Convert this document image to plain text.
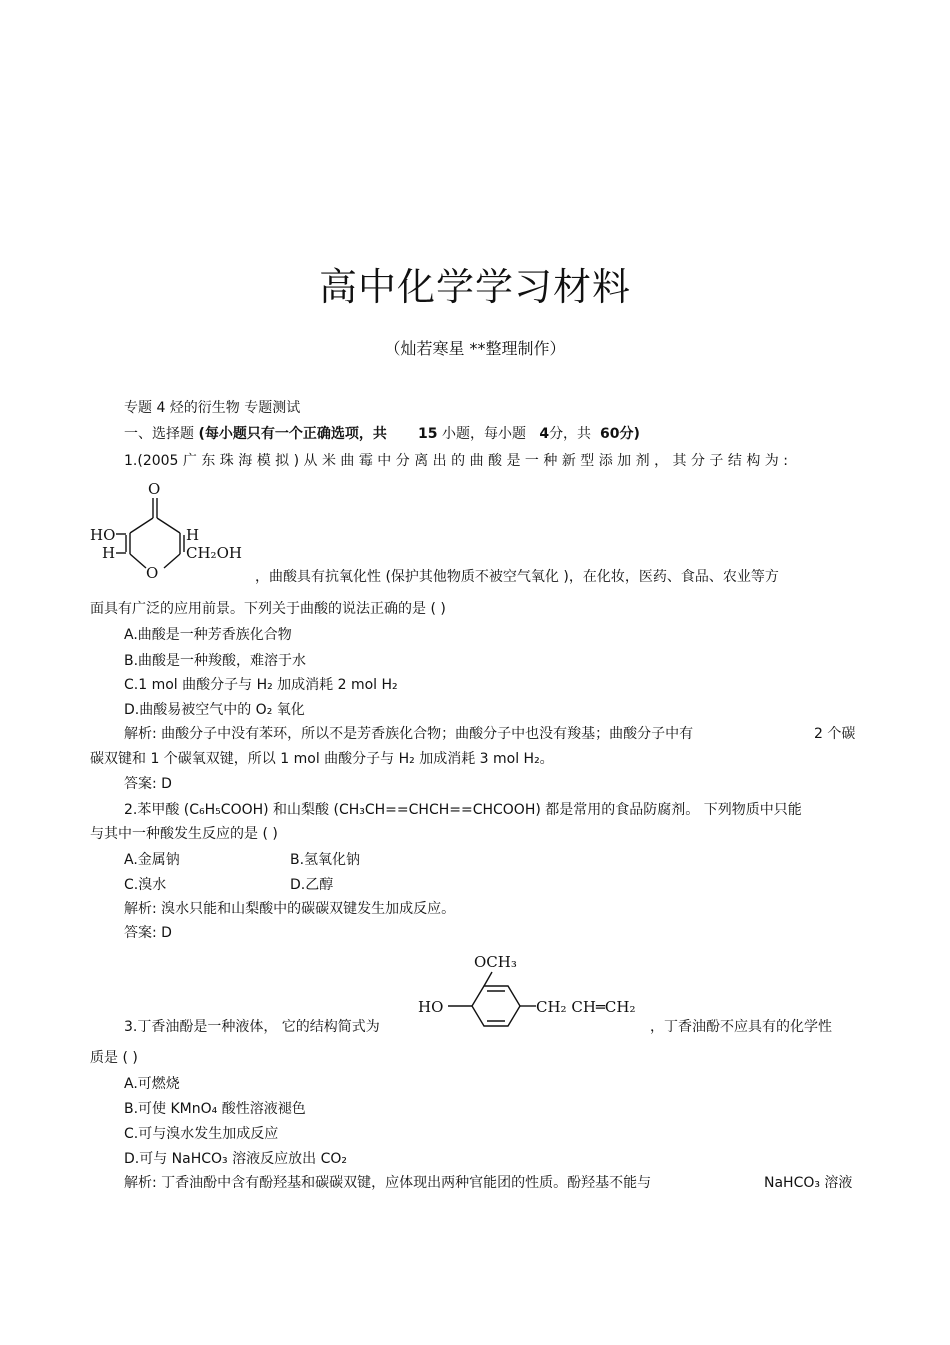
高中化学学习材料
（灿若寒星 **整理制作）
专题 4 烃的衍生物 专题测试
一、选择题 (每小题只有一个正确选项，共 15 小题，每小题 4分，共 60分)
1.(2005 广 东 珠 海 模 拟 ) 从 米 曲 霉 中 分 离 出 的 曲 酸 是 一 种 新 型 添 加 剂 ， 其 分 子 结 构 为 :
O
HO
H
H
O
CH₂OH
，曲酸具有抗氧化性 (保护其他物质不被空气氧化 )，在化妆，医药、食品、农业等方
面具有广泛的应用前景。下列关于曲酸的说法正确的是 ( )
A.曲酸是一种芳香族化合物
B.曲酸是一种羧酸，难溶于水
C.1 mol 曲酸分子与 H₂ 加成消耗 2 mol H₂
D.曲酸易被空气中的 O₂ 氧化
解析: 曲酸分子中没有苯环，所以不是芳香族化合物；曲酸分子中也没有羧基；曲酸分子中有	2 个碳
碳双键和 1 个碳氧双键，所以 1 mol 曲酸分子与 H₂ 加成消耗 3 mol H₂。
答案: D
2.苯甲酸 (C₆H₅COOH) 和山梨酸 (CH₃CH==CHCH==CHCOOH) 都是常用的食品防腐剂。 下列物质中只能
与其中一种酸发生反应的是 ( )
A.金属钠	B.氢氧化钠
C.溴水	D.乙醇
解析: 溴水只能和山梨酸中的碳碳双键发生加成反应。
答案: D
OCH₃
HO	CH₂ CH═CH₂
3.丁香油酚是一种液体， 它的结构简式为	，丁香油酚不应具有的化学性
质是 ( )
A.可燃烧
B.可使 KMnO₄ 酸性溶液褪色
C.可与溴水发生加成反应
D.可与 NaHCO₃ 溶液反应放出 CO₂
解析: 丁香油酚中含有酚羟基和碳碳双键，应体现出两种官能团的性质。酚羟基不能与	NaHCO₃ 溶液
